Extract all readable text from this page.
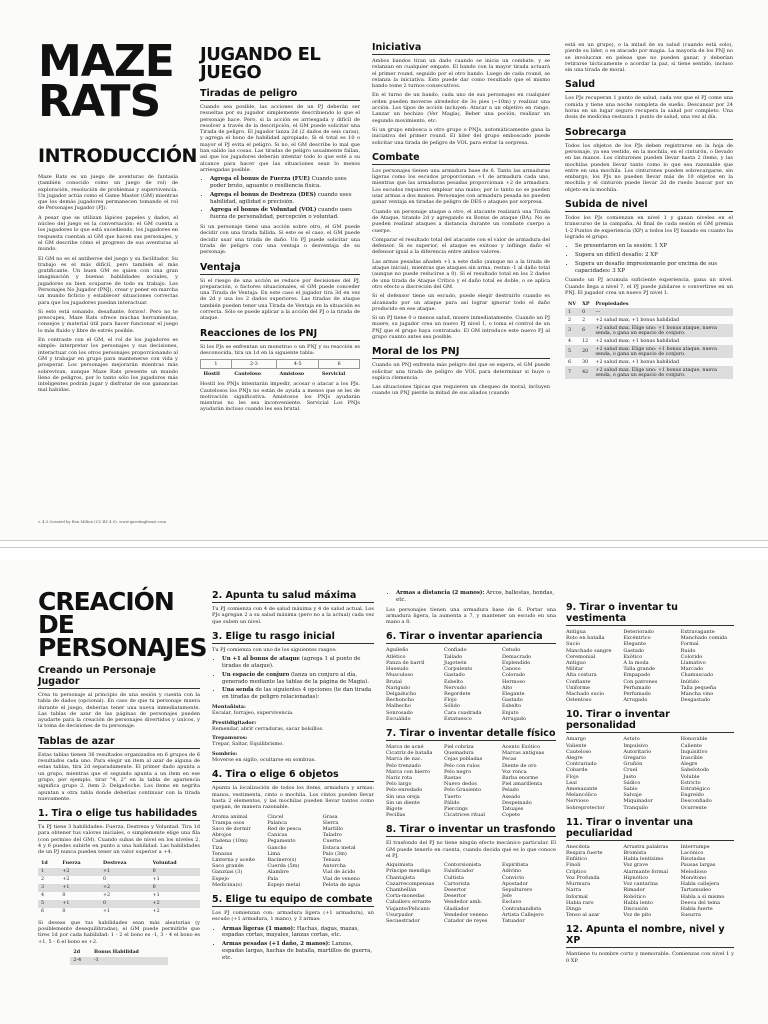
MAZE
RATS
INTRODUCCIÓN

Maze Rats es un juego de aventuras de fantasía (también conocido como un juego de rol) de exploración, resolución de problemas y supervivencia. Un jugador actúa como el Game Master (GM) mientras que los demás jugadores permanecen tomando el rol de Personajes Jugador (PJ).

A pesar que se utilizan lápices papeles y dados, el núcleo del juego es la conversación: el GM cuenta a los jugadores lo que está sucediendo, los jugadores en respuesta cuentan al GM que hacen sus personajes, y el GM describe cómo el progreso de sus aventuras al mundo.

El GM no es el antiheroe del juego y su facilitador. Su trabajo es el más difícil, pero también el más gratificante. Un buen GM es quien con una gran imaginación y buenas habilidades sociales, y jugadores su bien ocuparse de todo su trabajo. Los Personajes No Jugador (PNJ), crear y poner en marcha un mundo ficticio y establecer situaciones correctas para que los jugadores puedan interactuar.

Si esto está sonando, desafiante, forzos!. Pero no te preocupes, Maze Rats ofrece muchas herramientas, consejos y material útil para hacer funcionar el juego lo más fluido y libre de estrés posible.

En contraste con el GM, el rol de los jugadores es simple: interpretar los personajes y sus decisiones, interactuar con los otros personajes proporcionando al GM y trabajar en grupo para mantenerse con vida y prosperar. Los personajes mejorarán mientras más sobrevivan, aunque Maze Rats presente un mundo lleno de peligros, por lo tanto sólo los jugadores más inteligentes podrán jugar y disfrutar de sus ganancias mal habidas.

v. 4.3 Created by Ben Milton (CC BY 4.0). www.questingbeast.com
JUGANDO EL JUEGO
Tiradas de peligro

Cuando sea posible, las acciones de un PJ deberán ser resueltas por su jugador simplemente describiendo lo que el personaje hace. Pero, si la acción es arriesgada y difícil de resolver a través de la descripción, el GM puede solicitar una Tirada de peligro. El jugador lanza 2d (2 dados de seis caras), y agrega el bono de habilidad apropiado. Si el total es 10 o mayor el PJ evita el peligro. Si no, el GM describe lo mal que han salido las cosas. Las tiradas de peligro usualmente fallan, así que los jugadores deberán intentar todo lo que esté a su alcance para hacer que las situaciones sean lo menos arriesgadas posible.

• Agrega el bonus de Fuerza (FUE) Cuando uses poder bruto, aguante o resiliencia física.
• Agrega el bonus de Destreza (DES) cuando uses habilidad, agilidad o precisión.
• Agrega el bonus de Voluntad (VOL) cuando uses fuerza de personalidad, percepción o voluntad.

Si un personaje tiene una acción sobre otro, el GM puede decidir con una tirada fallida. Si este es el caso, el GM puede decidir usar una tirada de daño. Un PJ puede solicitar una tirada de peligro con una ventaja o desventaja de su personaje.

Ventaja

Si el riesgo de una acción se reduce por decisiones del PJ, preparación, o factores situacionales, el GM puede conceder una Tirada de Ventaja. En este caso el jugador tira 3d en vez de 2d y usa los 2 dados superiores. Las tiradas de ataque también pueden tener una Tirada de Ventaja en la situación es correcta. Sólo se puede aplicar a la acción del PJ o la tirada de ataque.

Reacciones de los PNJ

Si los PJs se enfrentan un monstruo o un PNJ y su reacción es desconocida, tira un 1d en la siguiente tabla:

1	2-3	4-5	6
Hostil	Cauteloso	Amistoso	Servicial

Hostil los PNJs intentarán impedir, acosar o atacar a los PJs. Cautelosos los PNJs no están de ayuda a menos que se les de motivación significativa. Amistosos los PNJs ayudarán mientras no les sea inconveniente. Servicial Los PNJs ayudarán incluso cuando les sea brutal.

Iniciativa

Ambos bandos tiran un dado cuando se inicia un combate, y se relanzan en cualquier empate. El bando con la mayor tirada actuará el primer round, seguido por el otro bando. Luego de cada round, se relanza la iniciativa. Esto puede dar como resultado que el mismo bando tome 2 turnos consecutivos.

En el turno de un bando, cada uno de sus personajes en cualquier orden pueden moverse alrededor de 3o pies (~10m) y realizar una acción. Los tipos de acción incluyen: Atacar a un objetivo en rango, Lanzar un hechizo (Ver Magia), Beber una poción, realizar un segundo movimiento, etc.

Si un grupo embosca a otro grupo o PNJs, automáticamente gana la iniciativa del primer round. El líder del grupo emboscado puede solicitar una tirada de peligro de VOL para evitar la sorpresa.

Combate

Los personajes tienen una armadura base de 6. Tanto las armaduras ligeras como los escudos proporcionan +1 de armadura cada uno, mientras que las armaduras pesadas proporcionan +2 de armadura. Los escudos requieren emplear una mano; por lo tanto no se pueden usar armas a dos manos. Personajes con armadura pesada no pueden ganar ventaja en tiradas de peligro de DES o ataques por sorpresa.

Cuando un personaje ataque a otro, el atacante realizará una Tirada de Ataque, tirando 2d y agregando su Bonus de ataque (BA). No se pueden realizar ataques a distancia durante un combate cuerpo a cuerpo.

Comparar el resultado total del atacante con el valor de armadura del defensor. Si es superior, el ataque es exitoso y inflinge daño el defensor igual a la diferencia entre ambos valores.

Las armas pesadas añaden +1 a este daño (aunque no a la tirada de ataque inicial), mientras que ataques sin arma, restan -1 al daño total (aunque no puede reducirse a 0). Si el resultado total en los 2 dados de una tirada de Ataque Crítico y el daño total es doble, o se aplica otro efecto a discreción del GM.

Si el defensor tiene un escudo, puede elegir destruirlo cuando es alcanzado por un ataque para así lograr ignorar todo el daño producido en ese ataque.

Si un PJ tiene 0 o menos salud, muere inmediatamente. Cuando un PJ muere, su jugador crea un nuevo PJ nivel 1, o toma el control de un PNJ que el grupo haya contratado. El GM introduce este nuevo PJ al grupo cuanto antes sea posible.

Moral de los PNJ

Cuando un PNJ enfrenta más peligro del que se espera, el GM puede solicitar una tirada de peligro de VOL para determinar si huye o suplica clemencia.

Las situaciones típicas que requieren un chequeo de moral, incluyen cuando un PNJ pierde la mitad de sus aliados (cuando

está en un grupo), o la mitad de su salud (cuando está solo), pierde su líder, o es atacado por magia. La mayoría de los PNJ no se involucran en peleas que no pueden ganar, y deberían retirarse tácticamente o acordar la paz, si tiene sentido, incluso sin una tirada de moral.

Salud

Los PJs recuperan 1 punto de salud, cada vez que el PJ come una comida y tiene una noche completa de sueño. Descansar por 24 horas en un lugar seguro recupera la salud por completo. Una dosis de medicina restaura 1 punto de salud, una vez al día.

Sobrecarga

Todos los objetos de los PJs deben registrarse en la hoja de personaje, ya sea vestido, en la mochila, en el cinturón, o llevado en las manos. Los cinturones pueden llevar hasta 2 ítems, y las mochilas pueden llevar tanto como lo que sea razonable que entre en una mochila. Los cinturones pueden sobrecargarse, sin embargo, los PJs no pueden llevar más de 10 objetos en la mochila y el cinturón puede llevar 2d de ruedo buscar por un objeto en la mochila.

Subida de nivel

Todos los PJs comienzan en nivel 1 y ganan niveles en el transcurso de la campaña. Al final de cada sesión el GM premia 1-2 Puntos de experiencia (XP) a todos los PJ basado en cuanto ha logrado el grupo.

• Se presentaron en la sesión: 1 XP
• Supera un difícil desafío: 2 XP
• Supera un desafío impresionante por encima de sus capacidades: 3 XP

Cuando un PJ acumula suficiente experiencia, gana un nivel. Cuando llega a nivel 7, el PJ puede jubilarse o convertirse en un PNJ. El jugador crea un nuevo PJ nivel 1.

NV	XP	Propiedades
1	0	—
2	2	+2 salud max, +1 bonus habilidad
3	6	+2 salud max. Elige uno: +1 bonus ataque, nueva senda, o gana un espacio de conjuro.
4	12	+2 salud max, +1 bonus habilidad
5	20	+2 salud max. Elige uno: +1 bonus ataque, nueva senda, o gana un espacio de conjuro.
6	30	+2 salud max, +1 bonus habilidad
7	42	+2 salud max. Elige uno: +1 bonus ataque, nueva senda, o gana un espacio de conjuro.
CREACIÓN DE
PERSONAJES
Creando un Personaje Jugador

Crea tu personaje al principio de una sesión y cuenta con la tabla de dados (opcional). En caso de que tu personaje muera durante el juego, deberías tener una nueva inmediatamente. Las tablas de azar de las páginas de personajes pueden ayudarte para la creación de personajes divertidos y únicos, y la toma de decisiones de tu personaje.

Tablas de azar

Estas tablas tienen 36 resultados organizados en 6 grupos de 6 resultados cada uno. Para elegir un ítem al azar de alguna de estas tablas, tira 2d separadamente. El primer dado apunta a un grupo, mientras que el segundo apunta a un ítem en ese grupo, por ejemplo, tirar "4, 2" en la tabla de apariencia significa grupo 2, ítem 2: Delgadoche. Los ítems en negrita apuntan a otra tabla donde deberías continuar con la tirada nuevamente.

1. Tira o elige tus habilidades

Tu PJ tiene 3 habilidades: Fuerza, Destreza y Voluntad. Tira 1d para obtener tus valores iniciales, o simplemente elige una fila (con permiso del GM). Cuando subas de nivel en los niveles 2, 4 y 6 puedes subirle en punto a una habilidad. Las habilidades de un PJ nunca pueden tener un valor superior a +4.

1d	Fuerza	Destreza	Voluntad
1	+2	+1	0
2	+2	0	+1
3	+1	+2	0
4	0	+2	+1
5	+1	0	+2
6	0	+1	+2

Si deseas que tus habilidades sean más aleatorias (y posiblemente desequilibradas), el GM puede permitirle que tires 1d por cada habilidad: 1 - 2 el bono es -1, 3 - 4 el bono es +1, 5 - 6 el bono es +2.

2d	Bonus Habilidad
2-4	-1
2. Apunta tu salud máxima

Tu PJ comienza con 4 de salud máxima y 4 de salud actual. Los PJs agregan 2 a su salud máxima (pero no a la actual) cada vez que suben un nivel.

3. Elige tu rasgo inicial

Tu PJ comienza con uno de los siguientes rasgos:

• Un +1 al bonus de ataque (agrega 1 al punto de tiradas de ataque).
• Un espacio de conjuro (lanza un conjuro al día, generado mediante las tablas de la página de Magia).
• Una senda de las siguientes 4 opciones (te dan tirada en tiradas de peligro relacionadas):

Montañista:
Escalar, forrajeo, supervivencia.

Prestidigitador:
Remendar, abrir cerraduras, sacar bolsillos.

Trepamuros:
Trepar, Saltar, Equilibrismo.

Sombrío:
Moverse en sigilo, ocultarse en sombras.

4. Tira o elige 6 objetos

Apunta la localización de todos los ítems, armadura y armas: manos, vestimenta, cinto o mochila. Los cintos pueden llevar hasta 2 elementos, y las mochilas pueden llevar tantos como quepan, de manera razonable.

Aroma animal	Cincel	Grasa
Trampa osos	Palanca	Sierra
Saco de dormir	Red de pesca	Martillo
Abrojos	Canicas	Taladro
Cadena (10m)	Pegamento	Cuerno
Tiza	Gancho	Estaca metal
Tenazas	Lima	Palo (3m)
Linterna y aceite	Bacinero(s)	Tenaza
Saco grande	Cuerda (5m)	Antorcha
Ganzúas (3)	Alambre	Vial de ácido
Espejo	Pala	Vial de veneno
Medicina(s)	Espejo metal	Pelota de agua
5. Elige tu equipo de combate

Los PJ comienzan con: armadura ligera (+1 armadura), un escudo (+1 armadura, 1 mano), y 3 armas:

• Armas ligeras (1 mano): Hachas, dagas, mazas, espadas cortas, mayales, lanzas cortas, etc.
• Armas pesadas (+1 daño, 2 manos): Lanzas, espadas largas, hachas de batalla, martillos de guerra, etc.
• Armas a distancia (2 manos): Arcos, ballestas, hondas, etc.

Los personajes tienen una armadura base de 6. Portar una armadura ligera, la aumenta a 7, y mantener un escudo en una mano a 8.

6. Tirar o inventar apariencia
Aguileño	Confiado	Cetudo
Atlético	Tallado	Demacrado
Panza de barril	Jugoteón	Esplendido
Huesudo	Corpulento	Canoso
Musculoso	Gastado	Colorado
Brutal	Esbelto	Hermoso
Narigudo	Nervudo	Alto
Delgaducho	Regordete	Elegante
Rechoncho	Flojo	Gastado
Malhecho	Sólido	Esbelto
Sonrosado	Cara cuadrada	Enjuto
Escuálido	Estatuesco	Arrugado
7. Tirar o inventar detalle físico
Marca de acné	Piel cobriza	Acento Exótico
Cicatriz de batalla	Quemadura	Marcas antiguas
Marca de nac.	Cejas pobladas	Pecas
Pelo trenzado	Pelo con rulos	Diente de oro
Marca con hierro	Pelo negro	Voz ronca
Nariz rota	Rastas	Barba enorme
Pelo largo	Nuevo dedos	Piel amarillenta
Pelo enredado	Pelo Grasiento	Pelado
Sin una oreja	Tuerto	Aseado
Sin un diente	Pálido	Despeinado
Bigote	Piercings	Tatuajes
Pecillas	Cicatrices ritual	Copete
8. Tirar o inventar un trasfondo

El trasfondo del PJ no tiene ningún efecto mecánico particular. El GM puede tenerlo en cuenta, cuando decida qué es lo que conoce el PJ.

Alquimista	Contorsionista	Espiritista
Príncipe mendigo	Falsificador	Adivino
Chantajista	Cultista	Convicto
Cazarrecompensas	Cartorista	Apostador
Chambellán	Desertor	Sepulturero
Corta-monedas	Desertor	Jefe
Caballero errante	Vendedor amb.	Esclavo
Viajante/Pelicano	Gladiador	Contrabandista
Usurpador	Vendedor veneno	Artista Callejero
Secuestrador	Catador de reyes	Tatuador
9. Tirar o inventar tu vestimenta
Antigua	Deteriorado	Extravagante
Roto en batalla	Excéntrico	Manchado comida
Sucio	Elegante	Formal
Manchado sangre	Gastado	Ruido
Ceremonial	Exótico	Colorido
Antiguo	A la moda	Llamativo
Militar	Talla grande	Marcado
Alta costura	Empapado	Chamuscado
Confiante	Con patrones	Inútido
Uniforme	Perfumado	Talla pequeña
Machado sucio	Perfumado	Mancha vino
Ostentoso	Arrugado	Desgastado
10. Tirar o inventar personalidad
Amargo	Astuto	Honorable
Valiente	Impulsivo	Caliente
Cauteloso	Autoritario	Inquisitivo
Alegre	Gregario	Irascible
Contrariado	Gruñón	Alegre
Cobarde	Cruel	Sabelotodo
Flojo	Justo	Voluble
Leal	Sádico	Estricto
Amenazante	Sabio	Estratégico
Melancólico	Salvaje	Engreído
Nervioso	Miquinador	Desconfiado
Sobreprotector	Tranquilo	Ocurrente
11. Tirar o inventar una peculiaridad
Anecdota	Arrastra palabras	Interrumpe
Respira fuerte	Bromista	Lacónico
Enfático	Habla lentísimo	Risotadas
Finoli	Voz grave	Pausas largas
Críptico	Alarmante formal	Melodioso
Voz Profunda	Hipnótico	Monótono
Murmura	Voz cantarina	Habla callejera
Narra	Rimador	Tartamudeo
Informal	Robótico	Habla a sí mismo
Habla raro	Habla lento	Deeva del tema
Dinga	Discusión	Habla fuerte
Tenso al azar	Voz de pito	Susurra
12. Apunta el nombre, nivel y XP

Mantiene tu nombre corto y memorable. Comienzas con nivel 1 y 0 XP.
